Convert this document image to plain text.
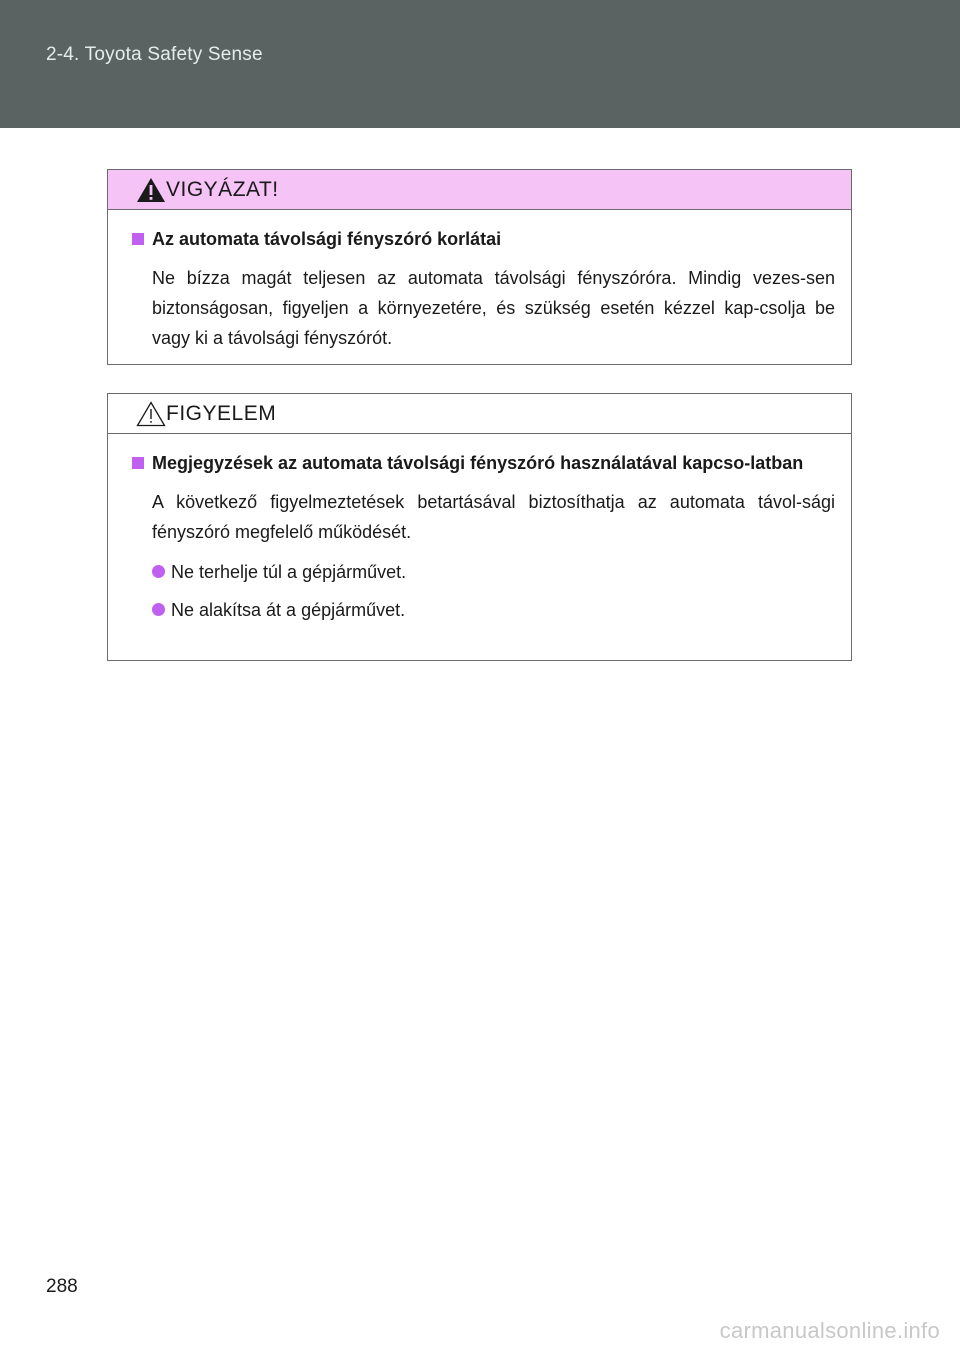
2-4. Toyota Safety Sense
VIGYÁZAT!
Az automata távolsági fényszóró korlátai
Ne bízza magát teljesen az automata távolsági fényszóróra. Mindig vezes-sen biztonságosan, figyeljen a környezetére, és szükség esetén kézzel kap-csolja be vagy ki a távolsági fényszórót.
FIGYELEM
Megjegyzések az automata távolsági fényszóró használatával kapcso-latban
A következő figyelmeztetések betartásával biztosíthatja az automata távol-sági fényszóró megfelelő működését.
Ne terhelje túl a gépjárművet.
Ne alakítsa át a gépjárművet.
288
carmanualsonline.info
